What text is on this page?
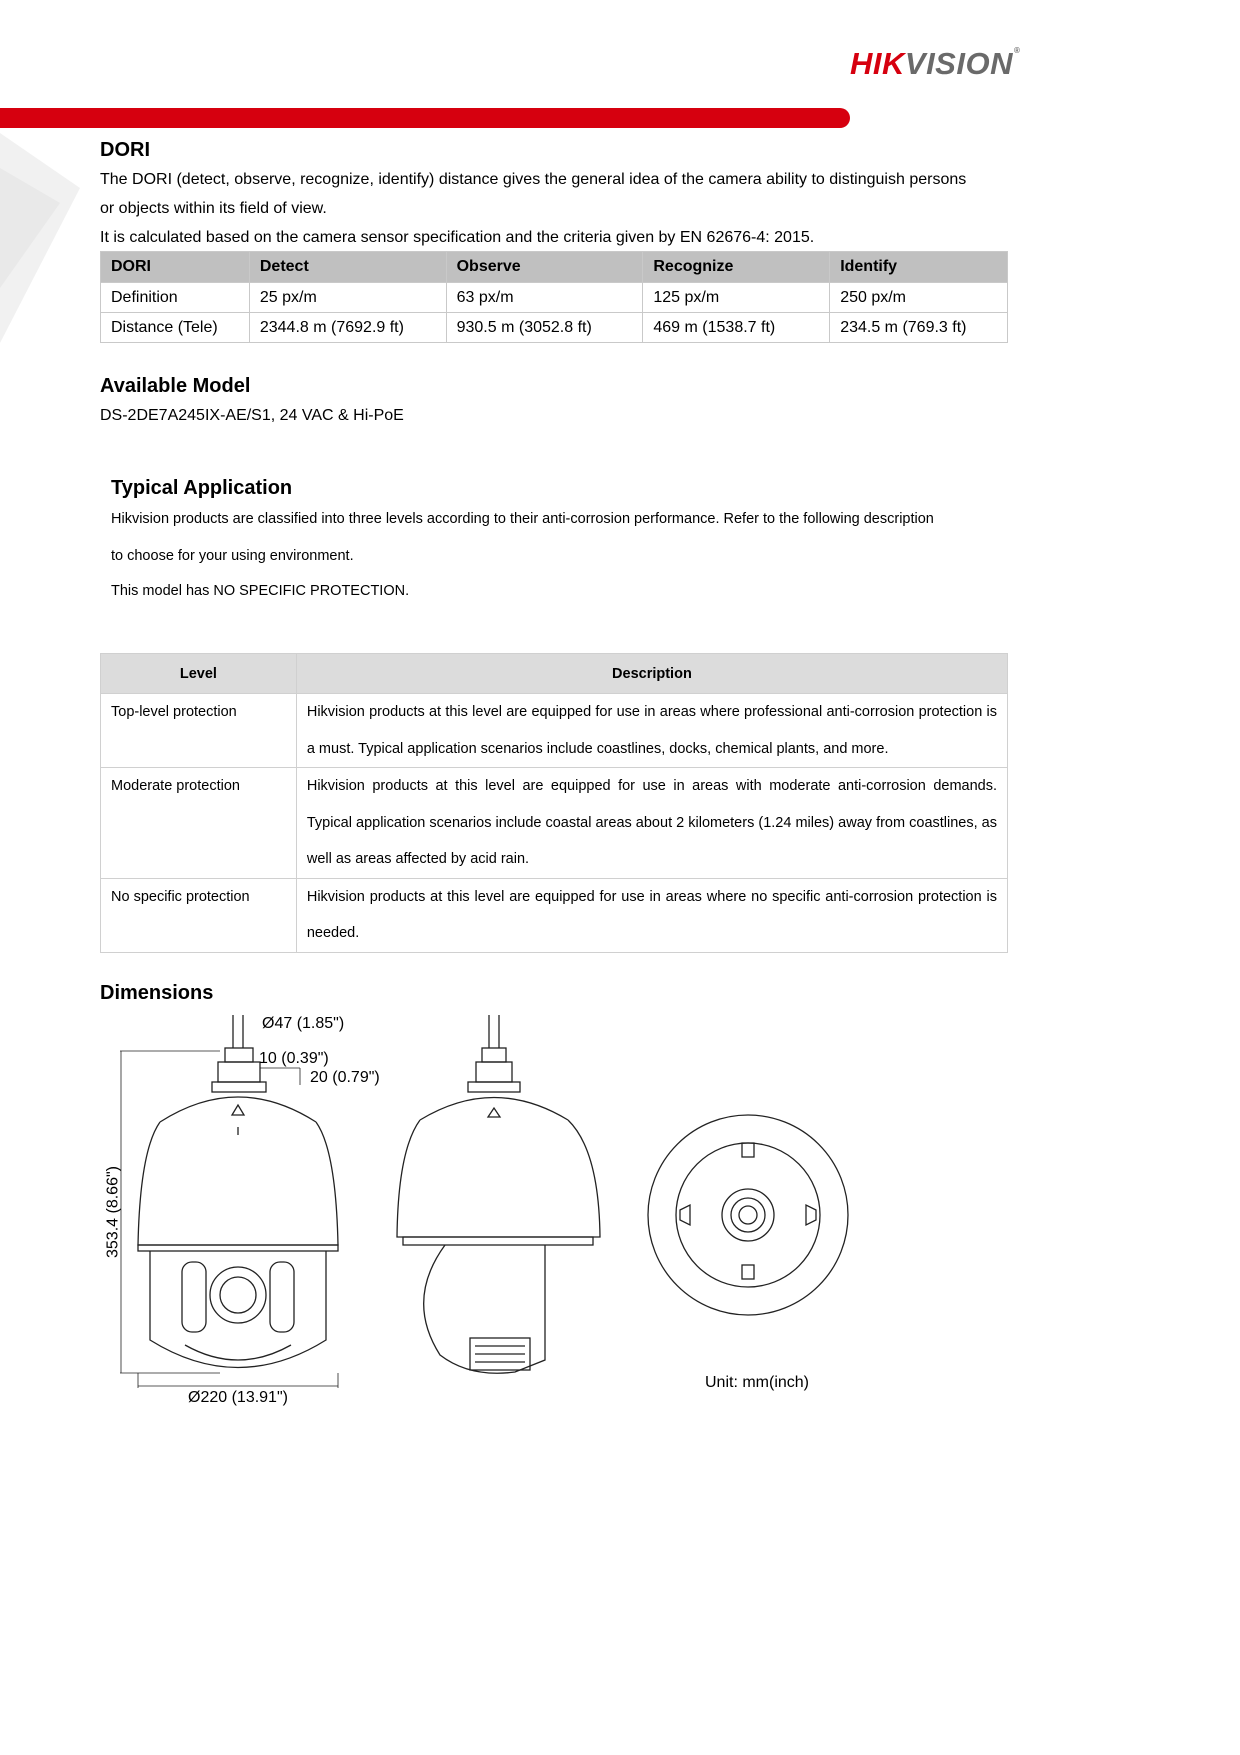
HIKVISION®
DORI
The DORI (detect, observe, recognize, identify) distance gives the general idea of the camera ability to distinguish persons
or objects within its field of view.
It is calculated based on the camera sensor specification and the criteria given by EN 62676-4: 2015.
DORI	Detect	Observe	Recognize	Identify
Definition	25 px/m	63 px/m	125 px/m	250 px/m
Distance (Tele)	2344.8 m (7692.9 ft)	930.5 m (3052.8 ft)	469 m (1538.7 ft)	234.5 m (769.3 ft)
Available Model
DS-2DE7A245IX-AE/S1, 24 VAC & Hi-PoE
Typical Application
Hikvision products are classified into three levels according to their anti-corrosion performance. Refer to the following description
to choose for your using environment.
This model has NO SPECIFIC PROTECTION.
Level	Description
Top-level protection	Hikvision products at this level are equipped for use in areas where professional anti-corrosion protection is a must. Typical application scenarios include coastlines, docks, chemical plants, and more.
Moderate protection	Hikvision products at this level are equipped for use in areas with moderate anti-corrosion demands. Typical application scenarios include coastal areas about 2 kilometers (1.24 miles) away from coastlines, as well as areas affected by acid rain.
No specific protection	Hikvision products at this level are equipped for use in areas where no specific anti-corrosion protection is needed.
Dimensions
Ø47 (1.85")
10 (0.39")
20 (0.79")
353.4 (8.66")
Ø220 (13.91")
Unit: mm(inch)
